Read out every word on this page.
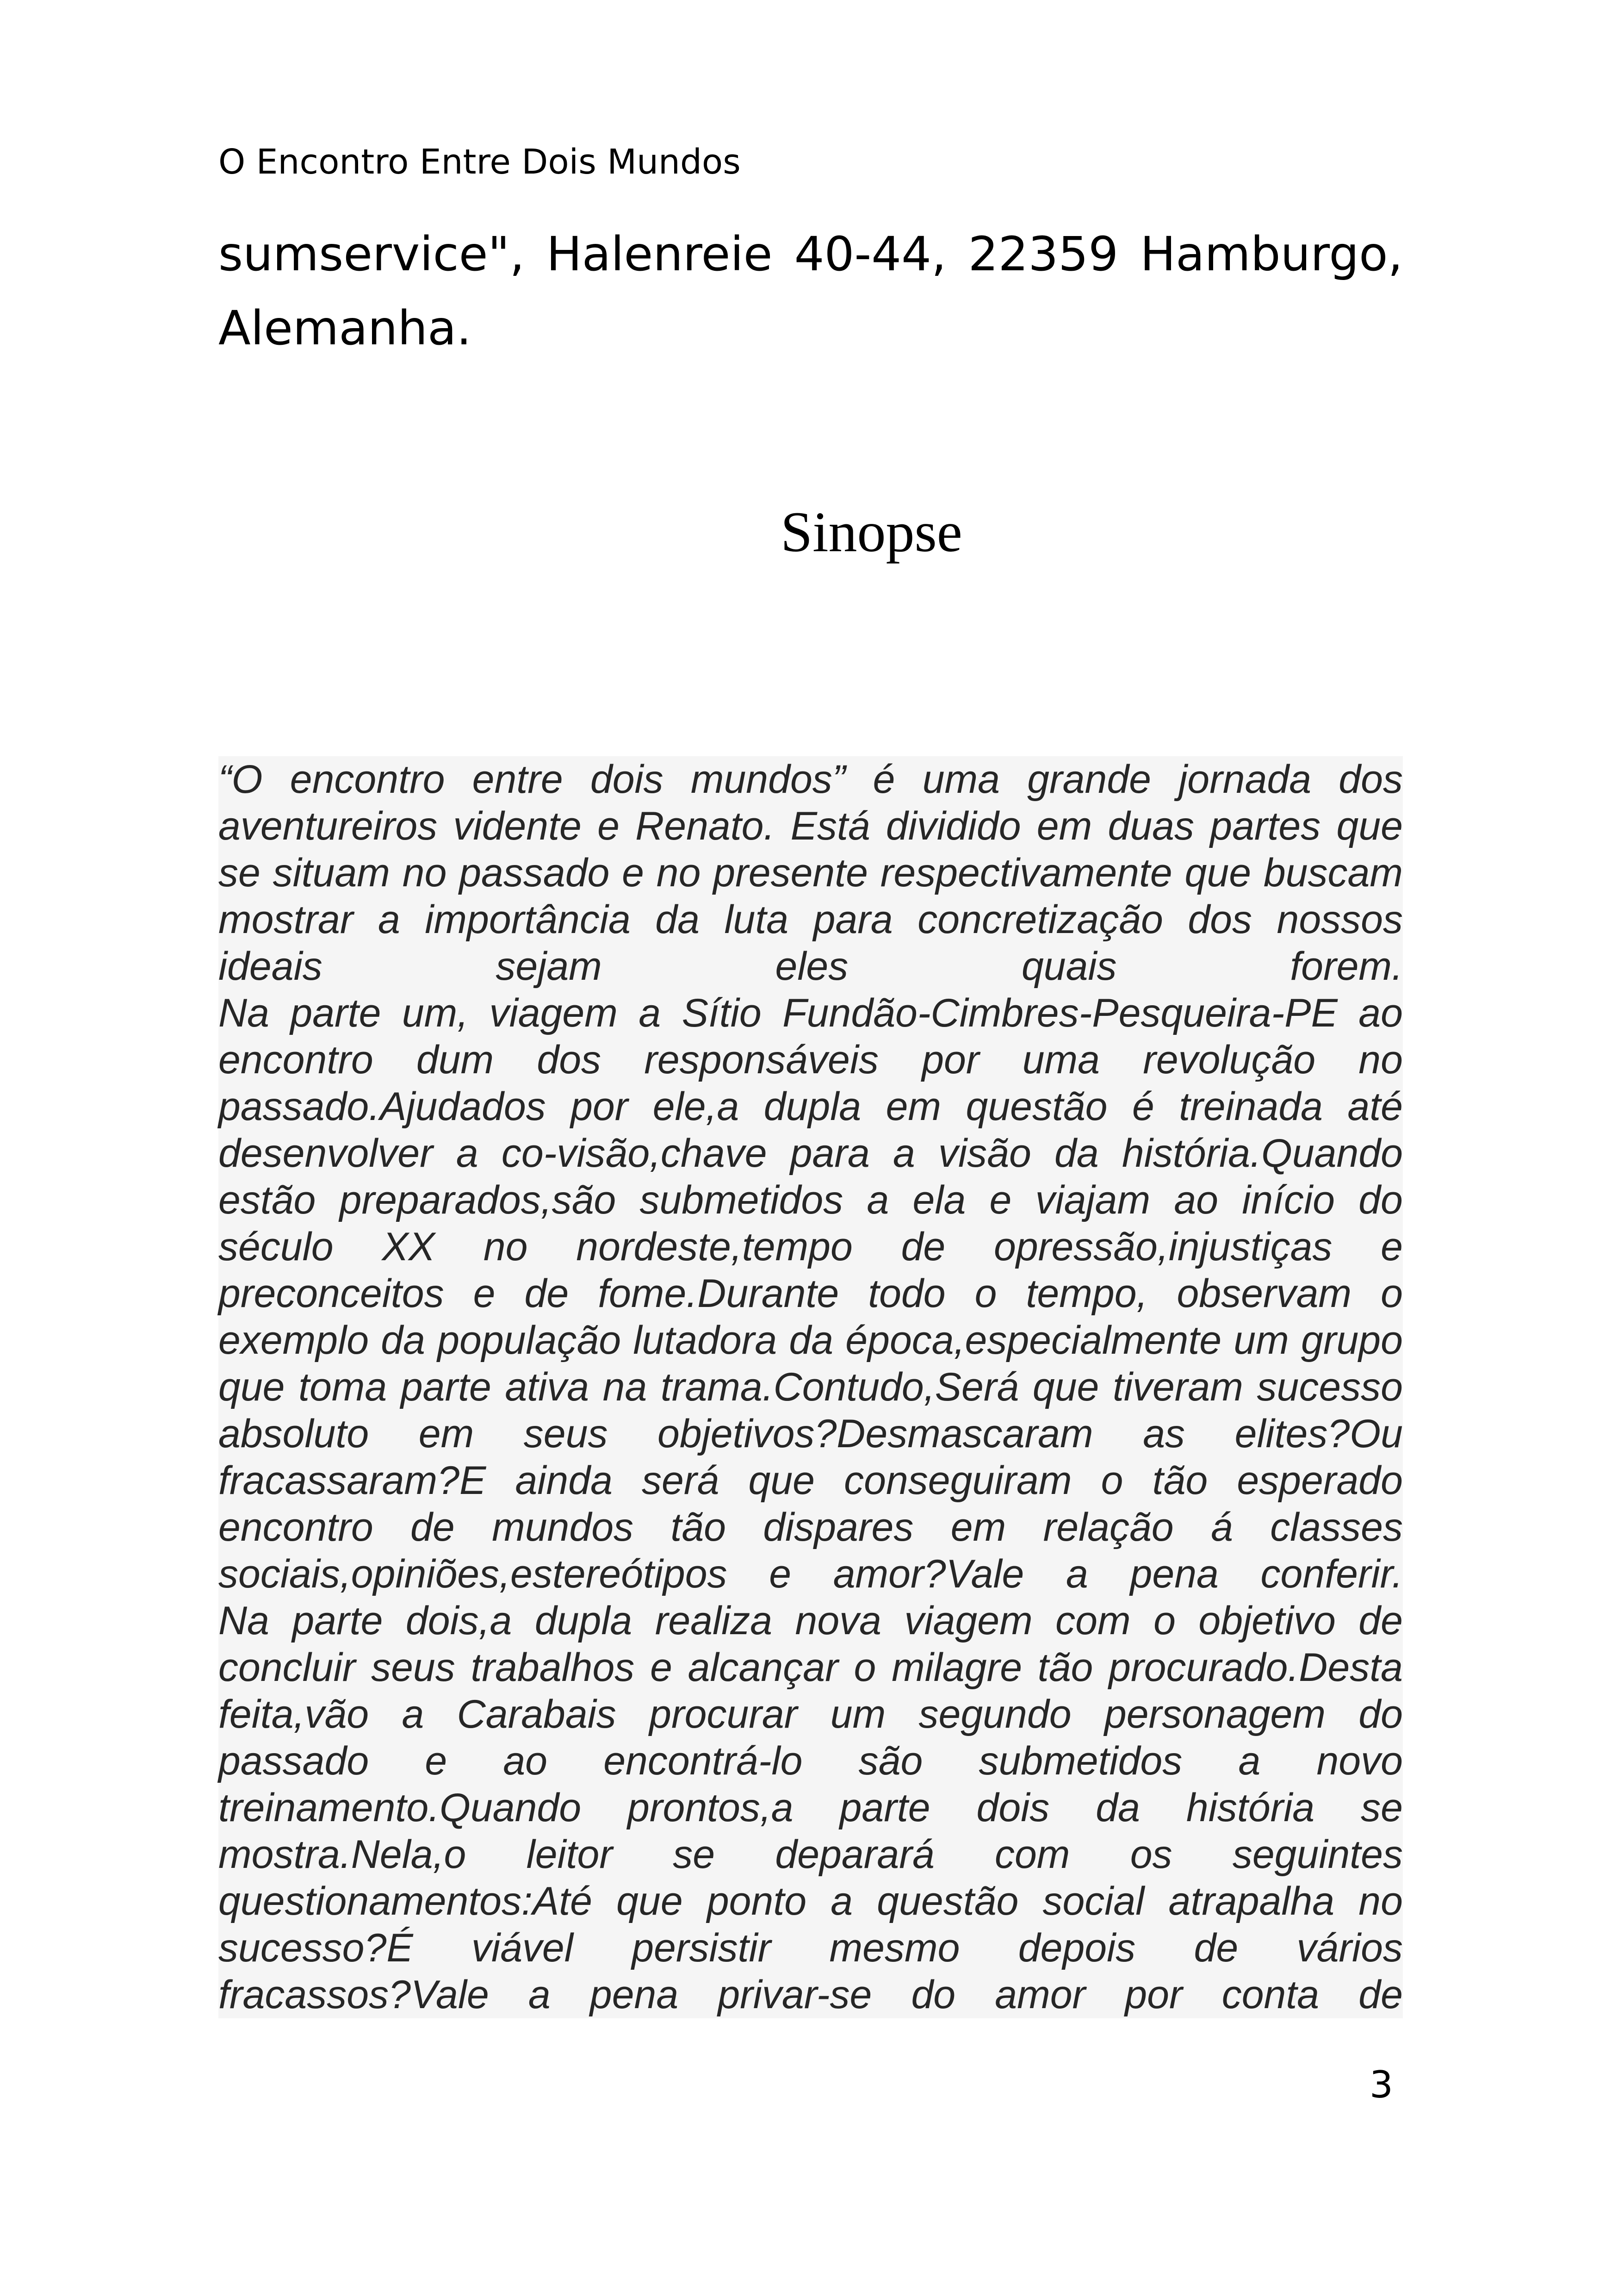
O Encontro Entre Dois Mundos
sumservice", Halenreie 40-44, 22359 Hamburgo,
Alemanha.
Sinopse
“O encontro entre dois mundos” é uma grande jornada dos
aventureiros vidente e Renato. Está dividido em duas partes que
se situam no passado e no presente respectivamente que buscam
mostrar a importância da luta para concretização dos nossos
ideais	sejam	eles	quais	forem.
Na parte um, viagem a Sítio Fundão-Cimbres-Pesqueira-PE ao
encontro dum dos responsáveis por uma revolução no
passado.Ajudados por ele,a dupla em questão é treinada até
desenvolver a co-visão,chave para a visão da história.Quando
estão preparados,são submetidos a ela e viajam ao início do
século XX no nordeste,tempo de opressão,injustiças e
preconceitos e de fome.Durante todo o tempo, observam o
exemplo da população lutadora da época,especialmente um grupo
que toma parte ativa na trama.Contudo,Será que tiveram sucesso
absoluto em seus objetivos?Desmascaram as elites?Ou
fracassaram?E ainda será que conseguiram o tão esperado
encontro de mundos tão dispares em relação á classes
sociais,opiniões,estereótipos e amor?Vale a pena conferir.
Na parte dois,a dupla realiza nova viagem com o objetivo de
concluir seus trabalhos e alcançar o milagre tão procurado.Desta
feita,vão a Carabais procurar um segundo personagem do
passado e ao encontrá-lo são submetidos a novo
treinamento.Quando prontos,a parte dois da história se
mostra.Nela,o leitor se deparará com os seguintes
questionamentos:Até que ponto a questão social atrapalha no
sucesso?É viável persistir mesmo depois de vários
fracassos?Vale a pena privar-se do amor por conta de
3
